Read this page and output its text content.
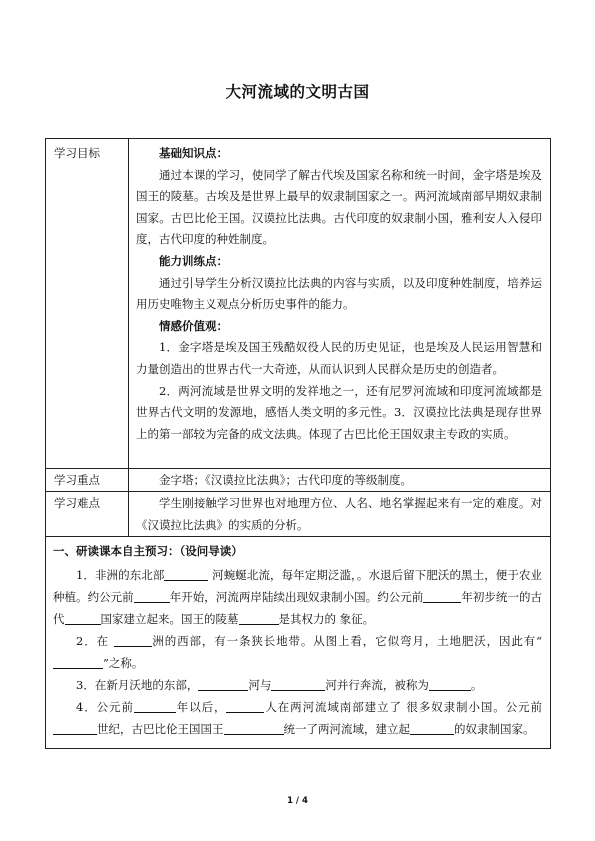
大河流域的文明古国
学习目标	基础知识点：

通过本课的学习，使同学了解古代埃及国家名称和统一时间，金字塔是埃及国王的陵墓。古埃及是世界上最早的奴隶制国家之一。两河流域南部早期奴隶制国家。古巴比伦王国。汉谟拉比法典。古代印度的奴隶制小国，雅利安人入侵印度，古代印度的种姓制度。

能力训练点：

通过引导学生分析汉谟拉比法典的内容与实质，以及印度种姓制度，培养运用历史唯物主义观点分析历史事件的能力。

情感价值观：

1．金字塔是埃及国王残酷奴役人民的历史见证，也是埃及人民运用智慧和力量创造出的世界古代一大奇迹，从而认识到人民群众是历史的创造者。

2．两河流域是世界文明的发祥地之一，还有尼罗河流域和印度河流域都是世界古代文明的发源地，感悟人类文明的多元性。3．汉谟拉比法典是现存世界上的第一部较为完备的成文法典。体现了古巴比伦王国奴隶主专政的实质。

学习重点	金字塔；《汉谟拉比法典》；古代印度的等级制度。

学习难点	学生刚接触学习世界也对地理方位、人名、地名掌握起来有一定的难度。对《汉谟拉比法典》的实质的分析。

一、研读课本自主预习：（设问导读）

1．非洲的东北部	河蜿蜒北流，每年定期泛滥，。水退后留下肥沃的黑土，便于农业种植。约公元前	年开始，河流两岸陆续出现奴隶制小国。约公元前	年初步统一的古代	国家建立起来。国王的陵墓	是其权力的 象征。

2．在	洲的西部，有一条狭长地带。从图上看，它似弯月，土地肥沃，因此有“”之称。

3．在新月沃地的东部，	河与	河并行奔流，被称为	。

4．公元前	年以后，	人在两河流域南部建立了 很多奴隶制小国。公元前世纪，古巴比伦王国国王	统一了两河流域，建立起	的奴隶制国家。

1 / 4
